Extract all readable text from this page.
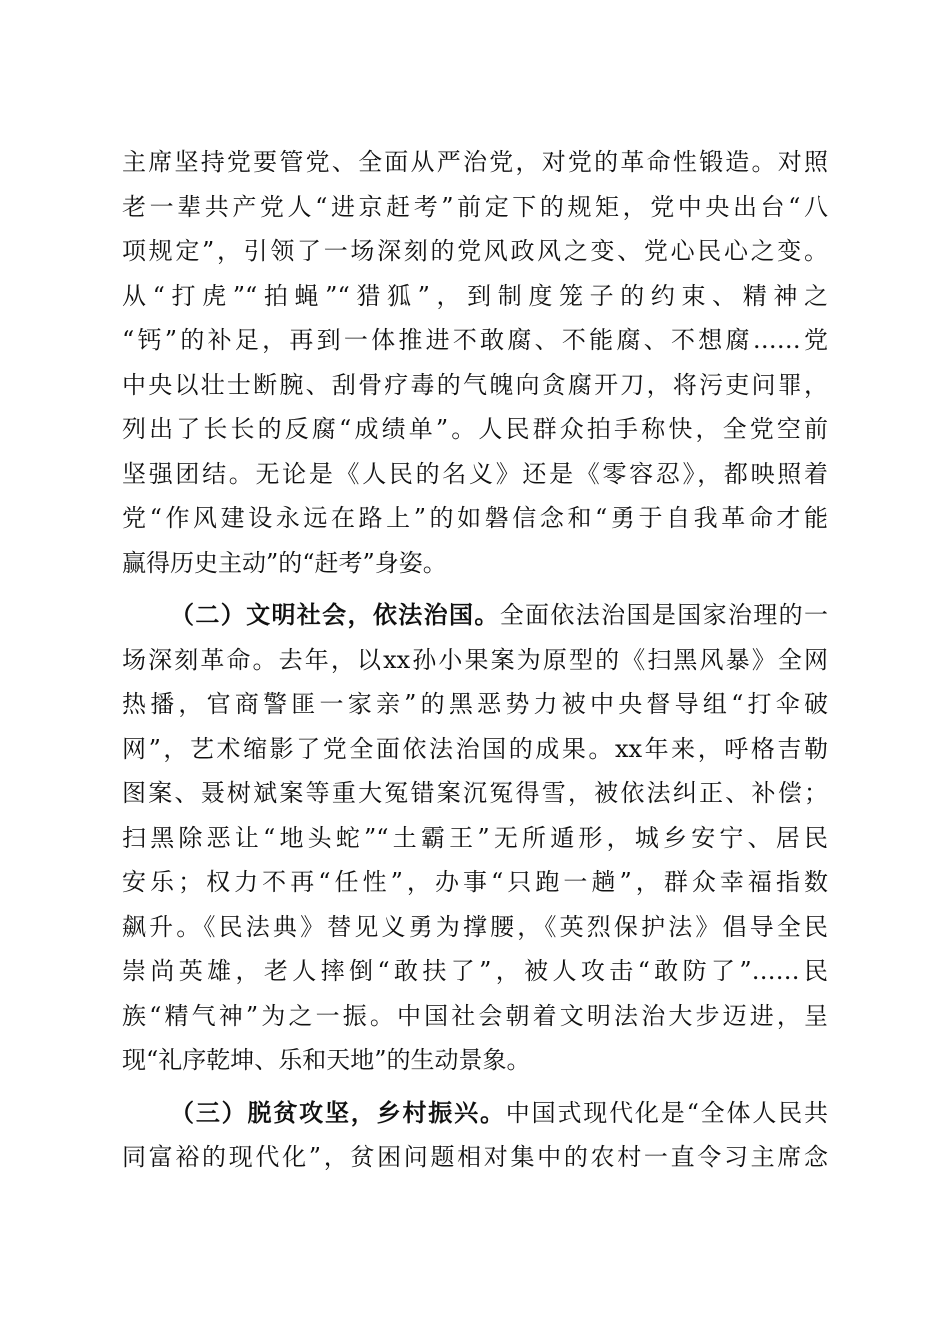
主席坚持党要管党、全面从严治党，对党的革命性锻造。对照
老一辈共产党人“进京赶考”前定下的规矩，党中央出台“八
项规定”，引领了一场深刻的党风政风之变、党心民心之变。
从“打虎”“拍蝇”“猎狐”，到制度笼子的约束、精神之
“钙”的补足，再到一体推进不敢腐、不能腐、不想腐……党
中央以壮士断腕、刮骨疗毒的气魄向贪腐开刀，将污吏问罪，
列出了长长的反腐“成绩单”。人民群众拍手称快，全党空前
坚强团结。无论是《人民的名义》还是《零容忍》，都映照着
党“作风建设永远在路上”的如磐信念和“勇于自我革命才能
赢得历史主动”的“赶考”身姿。
（二）文明社会，依法治国。全面依法治国是国家治理的一
场深刻革命。去年，以xx孙小果案为原型的《扫黑风暴》全网
热播，官商警匪一家亲”的黑恶势力被中央督导组“打伞破
网”，艺术缩影了党全面依法治国的成果。xx年来，呼格吉勒
图案、聂树斌案等重大冤错案沉冤得雪，被依法纠正、补偿；
扫黑除恶让“地头蛇”“土霸王”无所遁形，城乡安宁、居民
安乐；权力不再“任性”，办事“只跑一趟”，群众幸福指数
飙升。《民法典》替见义勇为撑腰，《英烈保护法》倡导全民
崇尚英雄，老人摔倒“敢扶了”，被人攻击“敢防了”……民
族“精气神”为之一振。中国社会朝着文明法治大步迈进，呈
现“礼序乾坤、乐和天地”的生动景象。
（三）脱贫攻坚，乡村振兴。中国式现代化是“全体人民共
同富裕的现代化”，贫困问题相对集中的农村一直令习主席念
